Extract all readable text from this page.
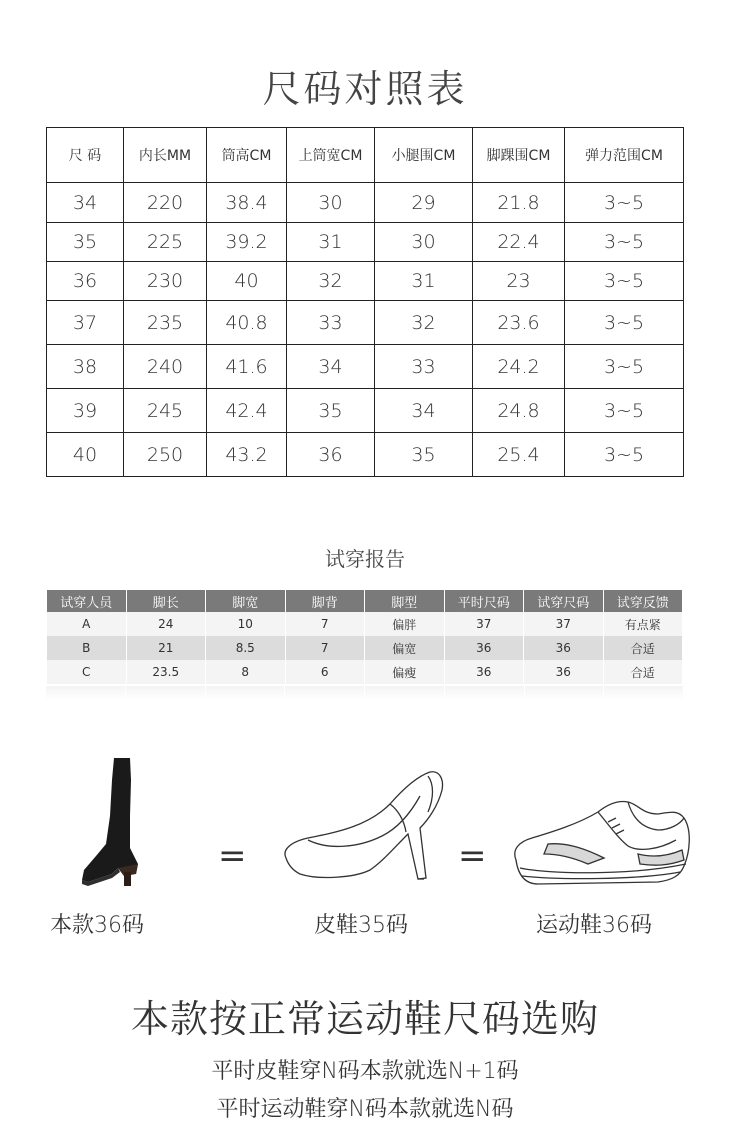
尺码对照表
尺 码	内长MM	筒高CM	上筒宽CM	小腿围CM	脚踝围CM	弹力范围CM
34	220	38.4	30	29	21.8	3~5
35	225	39.2	31	30	22.4	3~5
36	230	40	32	31	23	3~5
37	235	40.8	33	32	23.6	3~5
38	240	41.6	34	33	24.2	3~5
39	245	42.4	35	34	24.8	3~5
40	250	43.2	36	35	25.4	3~5
试穿报告
试穿人员	脚长	脚宽	脚背	脚型	平时尺码	试穿尺码	试穿反馈
A	24	10	7	偏胖	37	37	有点紧
B	21	8.5	7	偏宽	36	36	合适
C	23.5	8	6	偏瘦	36	36	合适
=	=
本款36码	皮鞋35码	运动鞋36码
本款按正常运动鞋尺码选购
平时皮鞋穿N码本款就选N+1码
平时运动鞋穿N码本款就选N码
